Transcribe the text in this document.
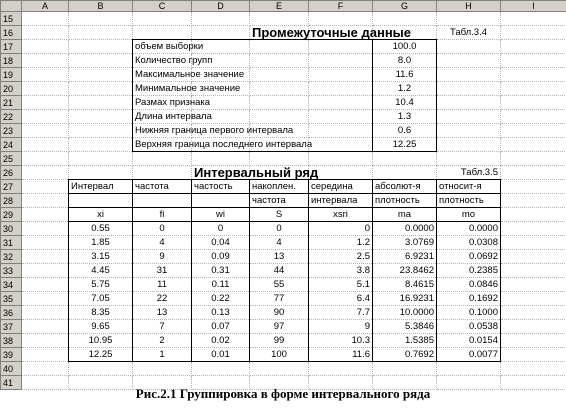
	A	B	C	D	E	F	G	H	I
15									
16					Промежуточные данные			Табл.3.4	
17			объем выборки				100.0		
18			Количество групп				8.0		
19			Максимальное значение				11.6		
20			Минимальное значение				1.2		
21			Размах признака				10.4		
22			Длина интервала				1.3		
23			Нижняя граница первого интервала				0.6		
24			Верхняя граница последнего интервала				12.25		
25									
26				Интервальный ряд				Табл.3.5	
27		Интервал	частота	частость	накоплен.	середина	абсолют-я	относит-я	
28					частота	интервала	плотность	плотность	
29		xi	fi	wi	S	xsri	ma	mo	
30		0.55	0	0	0	0	0.0000	0.0000	
31		1.85	4	0.04	4	1.2	3.0769	0.0308	
32		3.15	9	0.09	13	2.5	6.9231	0.0692	
33		4.45	31	0.31	44	3.8	23.8462	0.2385	
34		5.75	11	0.11	55	5.1	8.4615	0.0846	
35		7.05	22	0.22	77	6.4	16.9231	0.1692	
36		8.35	13	0.13	90	7.7	10.0000	0.1000	
37		9.65	7	0.07	97	9	5.3846	0.0538	
38		10.95	2	0.02	99	10.3	1.5385	0.0154	
39		12.25	1	0.01	100	11.6	0.7692	0.0077	
40									
41									
Рис.2.1 Группировка в форме интервального ряда
